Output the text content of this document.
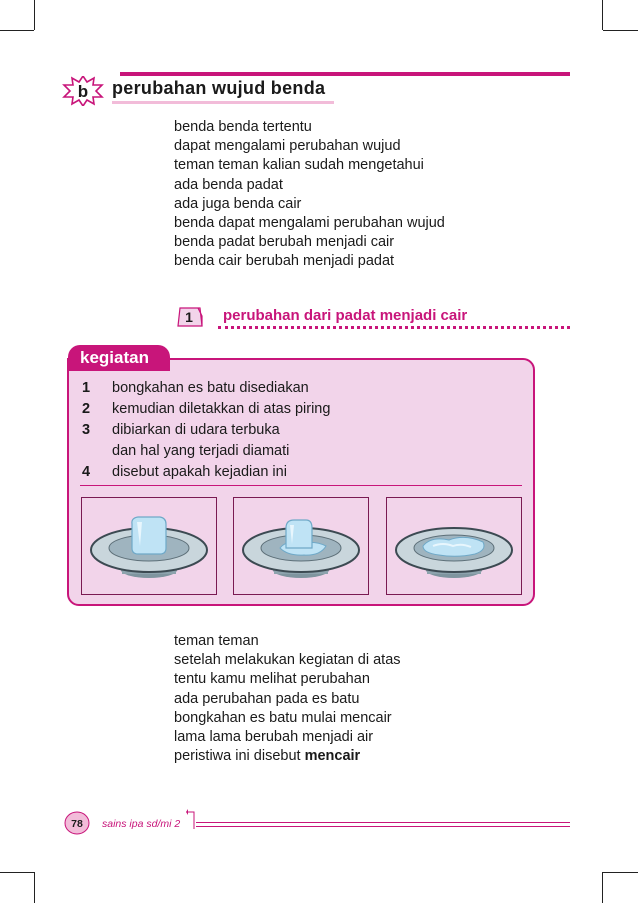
b perubahan wujud benda
benda benda tertentu
dapat mengalami perubahan wujud
teman teman kalian sudah mengetahui
ada benda padat
ada juga benda cair
benda dapat mengalami perubahan wujud
benda padat berubah menjadi cair
benda cair berubah menjadi padat
1 perubahan dari padat menjadi cair
kegiatan
1	bongkahan es batu disediakan
2	kemudian diletakkan di atas piring
3	dibiarkan di udara terbuka
dan hal yang terjadi diamati
4	disebut apakah kejadian ini
teman teman
setelah melakukan kegiatan di atas
tentu kamu melihat perubahan
ada perubahan pada es batu
bongkahan es batu mulai mencair
lama lama berubah menjadi air
peristiwa ini disebut mencair
78 sains ipa sd/mi 2
